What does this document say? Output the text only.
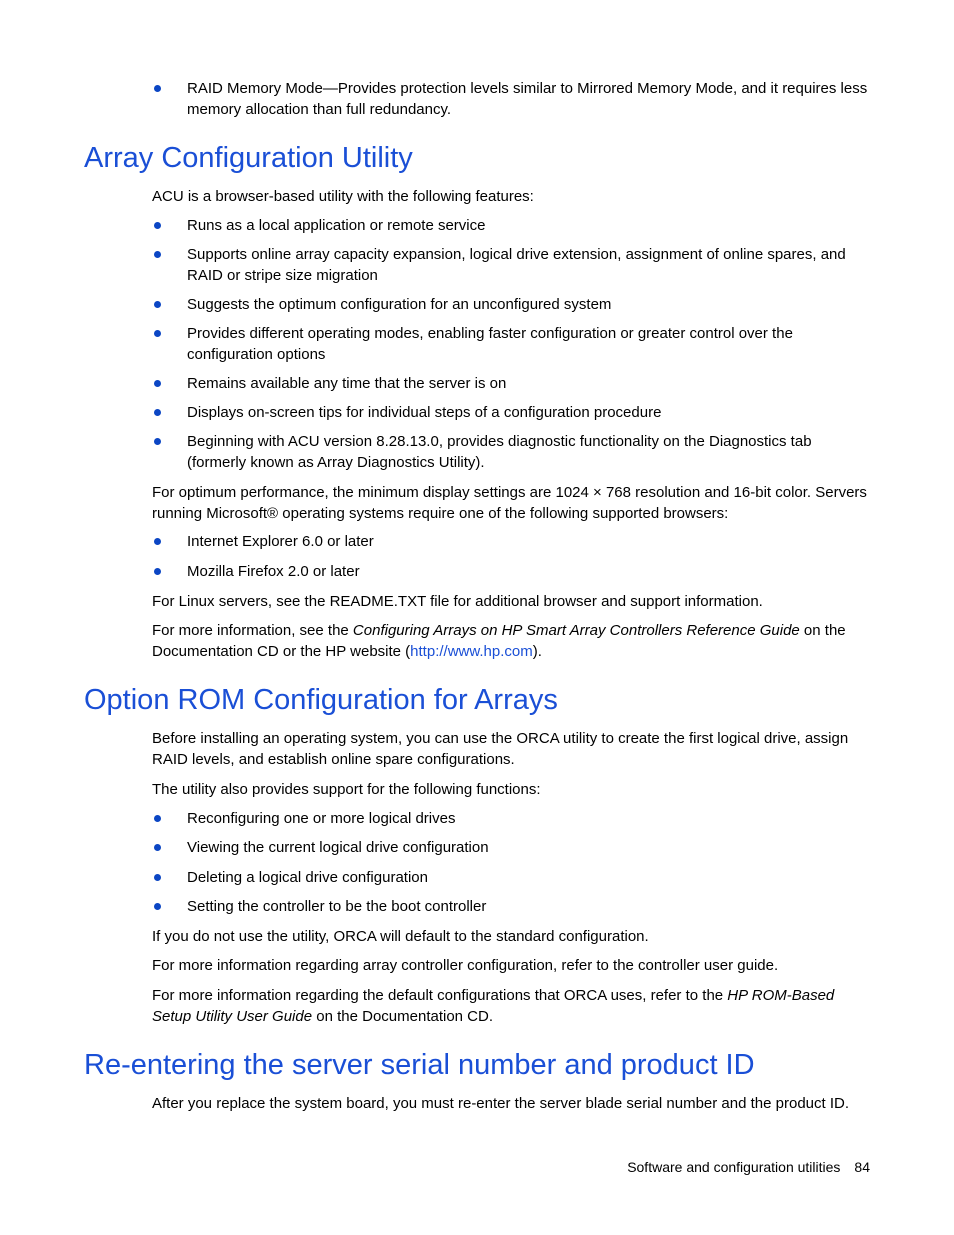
RAID Memory Mode—Provides protection levels similar to Mirrored Memory Mode, and it requires less memory allocation than full redundancy.
Array Configuration Utility

ACU is a browser-based utility with the following features:

Runs as a local application or remote service
Supports online array capacity expansion, logical drive extension, assignment of online spares, and RAID or stripe size migration
Suggests the optimum configuration for an unconfigured system
Provides different operating modes, enabling faster configuration or greater control over the configuration options
Remains available any time that the server is on
Displays on-screen tips for individual steps of a configuration procedure
Beginning with ACU version 8.28.13.0, provides diagnostic functionality on the Diagnostics tab (formerly known as Array Diagnostics Utility).

For optimum performance, the minimum display settings are 1024 × 768 resolution and 16-bit color. Servers running Microsoft® operating systems require one of the following supported browsers:

Internet Explorer 6.0 or later
Mozilla Firefox 2.0 or later

For Linux servers, see the README.TXT file for additional browser and support information.

For more information, see the Configuring Arrays on HP Smart Array Controllers Reference Guide on the Documentation CD or the HP website (http://www.hp.com).

Option ROM Configuration for Arrays

Before installing an operating system, you can use the ORCA utility to create the first logical drive, assign RAID levels, and establish online spare configurations.

The utility also provides support for the following functions:

Reconfiguring one or more logical drives
Viewing the current logical drive configuration
Deleting a logical drive configuration
Setting the controller to be the boot controller

If you do not use the utility, ORCA will default to the standard configuration.

For more information regarding array controller configuration, refer to the controller user guide.

For more information regarding the default configurations that ORCA uses, refer to the HP ROM-Based Setup Utility User Guide on the Documentation CD.

Re-entering the server serial number and product ID

After you replace the system board, you must re-enter the server blade serial number and the product ID.

Software and configuration utilities 84
